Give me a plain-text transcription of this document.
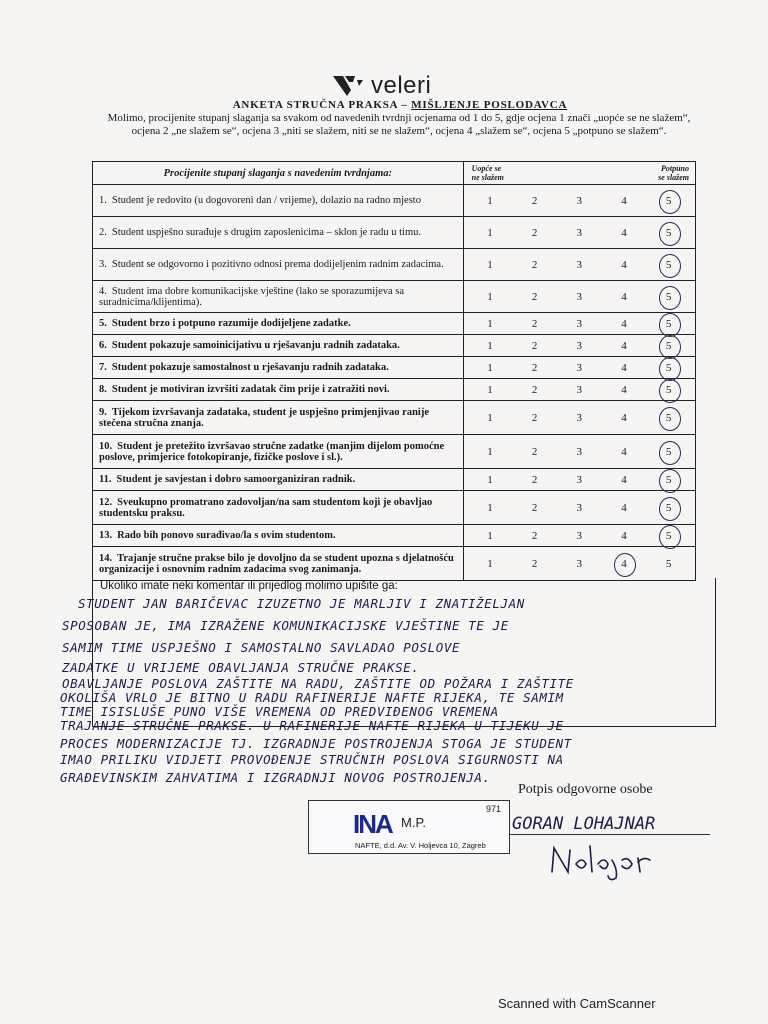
veleri
ANKETA STRUČNA PRAKSA – MIŠLJENJE POSLODAVCA
Molimo, procijenite stupanj slaganja sa svakom od navedenih tvrdnji ocjenama od 1 do 5, gdje ocjena 1 znači „uopće se ne slažem“, ocjena 2 „ne slažem se“, ocjena 3 „niti se slažem, niti se ne slažem“, ocjena 4 „slažem se“, ocjena 5 „potpuno se slažem“.
Procijenite stupanj slaganja s navedenim tvrdnjama:	Uopće se
ne slažem
Potpuno
se slažem

1. Student je redovito (u dogovoreni dan / vrijeme), dolazio na radno mjesto	1 2 3 4 5

2. Student uspješno surađuje s drugim zaposlenicima – sklon je radu u timu.	1 2 3 4 5

3. Student se odgovorno i pozitivno odnosi prema dodijeljenim radnim zadacima.	1 2 3 4 5

4. Student ima dobre komunikacijske vještine (lako se sporazumijeva sa suradnicima/klijentima).	1 2 3 4 5

5. Student brzo i potpuno razumije dodijeljene zadatke.	1 2 3 4 5

6. Student pokazuje samoinicijativu u rješavanju radnih zadataka.	1 2 3 4 5

7. Student pokazuje samostalnost u rješavanju radnih zadataka.	1 2 3 4 5

8. Student je motiviran izvršiti zadatak čim prije i zatražiti novi.	1 2 3 4 5

9. Tijekom izvršavanja zadataka, student je uspješno primjenjivao ranije stečena stručna znanja.	1 2 3 4 5

10. Student je pretežito izvršavao stručne zadatke (manjim dijelom pomoćne poslove, primjerice fotokopiranje, fizičke poslove i sl.).	1 2 3 4 5

11. Student je savjestan i dobro samoorganiziran radnik.	1 2 3 4 5

12. Sveukupno promatrano zadovoljan/na sam studentom koji je obavljao studentsku praksu.	1 2 3 4 5

13. Rado bih ponovo surađivao/la s ovim studentom.	1 2 3 4 5

14. Trajanje stručne prakse bilo je dovoljno da se student upozna s djelatnošću organizacije i osnovnim radnim zadacima svog zanimanja.	1 2 3 4 5
Ukoliko imate neki komentar ili prijedlog molimo upišite ga:
STUDENT JAN BARIČEVAC IZUZETNO JE MARLJIV I ZNATIŽELJAN
SPOSOBAN JE, IMA IZRAŽENE KOMUNIKACIJSKE VJEŠTINE TE JE
SAMIM TIME USPJEŠNO I SAMOSTALNO SAVLADAO POSLOVE
ZADATKE U VRIJEME OBAVLJANJA STRUČNE PRAKSE.
OBAVLJANJE POSLOVA ZAŠTITE NA RADU, ZAŠTITE OD POŽARA I ZAŠTITE
OKOLIŠA VRLO JE BITNO U RADU RAFINERIJE NAFTE RIJEKA, TE SAMIM
TIME ISISLUŠE PUNO VIŠE VREMENA OD PREDVIĐENOG VREMENA
TRAJANJE STRUČNE PRAKSE. U RAFINERIJE NAFTE RIJEKA U TIJEKU JE
PROCES MODERNIZACIJE TJ. IZGRADNJE POSTROJENJA STOGA JE STUDENT
IMAO PRILIKU VIDJETI PROVOĐENJE STRUČNIH POSLOVA SIGURNOSTI NA
GRAĐEVINSKIM ZAHVATIMA I IZGRADNJI NOVOG POSTROJENJA.
Potpis odgovorne osobe
INA M.P.
971
NAFTE, d.d. Av. V. Holjevca 10, Zagreb
GORAN LOHAJNAR
Scanned with CamScanner
